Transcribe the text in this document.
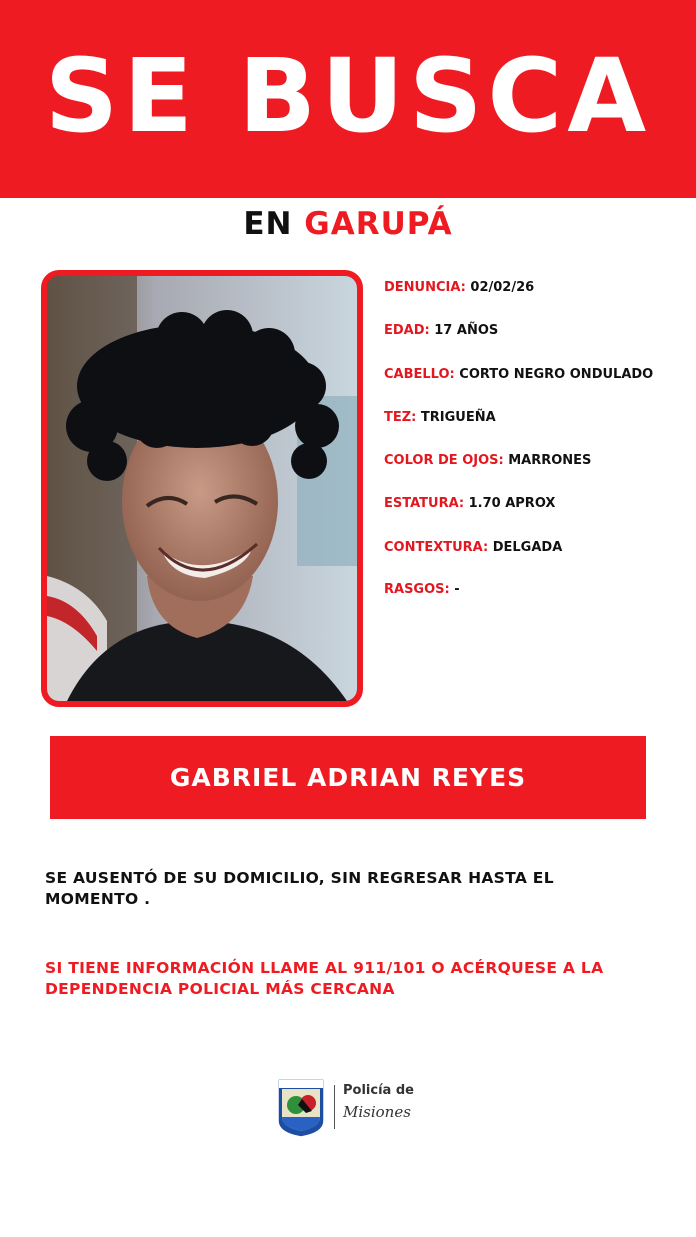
SE BUSCA
EN GARUPÁ
DENUNCIA: 02/02/26
EDAD: 17 AÑOS
CABELLO: CORTO NEGRO ONDULADO
TEZ: TRIGUEÑA
COLOR DE OJOS: MARRONES
ESTATURA: 1.70 APROX
CONTEXTURA: DELGADA
RASGOS: -
GABRIEL ADRIAN REYES

SE AUSENTÓ DE SU DOMICILIO, SIN REGRESAR HASTA EL MOMENTO .

SI TIENE INFORMACIÓN LLAME AL 911/101 O ACÉRQUESE A LA DEPENDENCIA POLICIAL MÁS CERCANA

Policía de
Misiones
